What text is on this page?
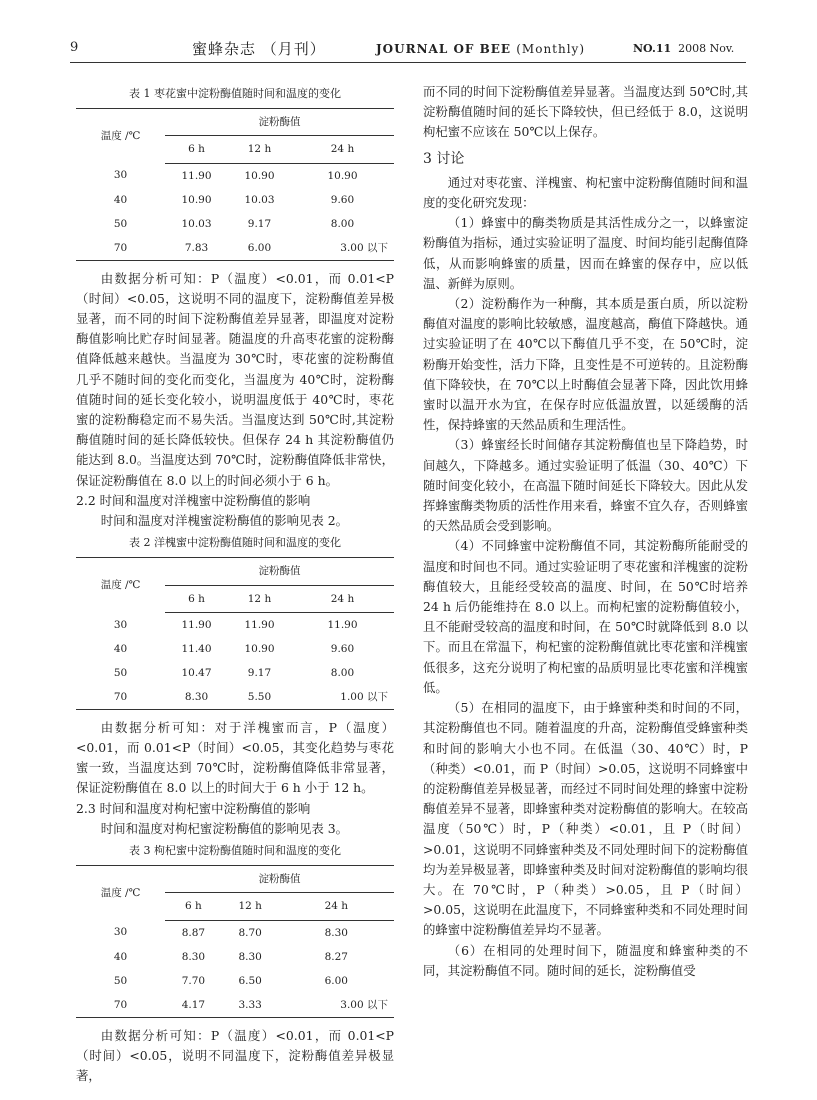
9	蜜蜂杂志 （月刊）	JOURNAL OF BEE (Monthly)	NO.11 2008 Nov.
表 1 枣花蜜中淀粉酶值随时间和温度的变化
温度 /℃	淀粉酶值		
	6 h	12 h	24 h
30	11.90	10.90	10.90
40	10.90	10.03	9.60
50	10.03	9.17	8.00
70	7.83	6.00	3.00 以下

由数据分析可知：P（温度）<0.01，而 0.01<P（时间）<0.05，这说明不同的温度下，淀粉酶值差异极显著，而不同的时间下淀粉酶值差异显著，即温度对淀粉酶值影响比贮存时间显著。随温度的升高枣花蜜的淀粉酶值降低越来越快。当温度为 30℃时，枣花蜜的淀粉酶值几乎不随时间的变化而变化，当温度为 40℃时，淀粉酶值随时间的延长变化较小，说明温度低于 40℃时，枣花蜜的淀粉酶稳定而不易失活。当温度达到 50℃时,其淀粉酶值随时间的延长降低较快。但保存 24 h 其淀粉酶值仍能达到 8.0。当温度达到 70℃时，淀粉酶值降低非常快，保证淀粉酶值在 8.0 以上的时间必须小于 6 h。

2.2 时间和温度对洋槐蜜中淀粉酶值的影响

时间和温度对洋槐蜜淀粉酶值的影响见表 2。

表 2 洋槐蜜中淀粉酶值随时间和温度的变化
温度 /℃	淀粉酶值		
	6 h	12 h	24 h
30	11.90	11.90	11.90
40	11.40	10.90	9.60
50	10.47	9.17	8.00
70	8.30	5.50	1.00 以下

由数据分析可知：对于洋槐蜜而言，P（温度）<0.01，而 0.01<P（时间）<0.05，其变化趋势与枣花蜜一致，当温度达到 70℃时，淀粉酶值降低非常显著，保证淀粉酶值在 8.0 以上的时间大于 6 h 小于 12 h。

2.3 时间和温度对枸杞蜜中淀粉酶值的影响

时间和温度对枸杞蜜淀粉酶值的影响见表 3。

表 3 枸杞蜜中淀粉酶值随时间和温度的变化
温度 /℃	淀粉酶值		
	6 h	12 h	24 h
30	8.87	8.70	8.30
40	8.30	8.30	8.27
50	7.70	6.50	6.00
70	4.17	3.33	3.00 以下

由数据分析可知：P（温度）<0.01，而 0.01<P（时间）<0.05，说明不同温度下，淀粉酶值差异极显著，

而不同的时间下淀粉酶值差异显著。当温度达到 50℃时,其淀粉酶值随时间的延长下降较快，但已经低于 8.0，这说明枸杞蜜不应该在 50℃以上保存。

3 讨论

通过对枣花蜜、洋槐蜜、枸杞蜜中淀粉酶值随时间和温度的变化研究发现：

（1）蜂蜜中的酶类物质是其活性成分之一，以蜂蜜淀粉酶值为指标，通过实验证明了温度、时间均能引起酶值降低，从而影响蜂蜜的质量，因而在蜂蜜的保存中，应以低温、新鲜为原则。

（2）淀粉酶作为一种酶，其本质是蛋白质，所以淀粉酶值对温度的影响比较敏感，温度越高，酶值下降越快。通过实验证明了在 40℃以下酶值几乎不变，在 50℃时，淀粉酶开始变性，活力下降，且变性是不可逆转的。且淀粉酶值下降较快，在 70℃以上时酶值会显著下降，因此饮用蜂蜜时以温开水为宜，在保存时应低温放置，以延缓酶的活性，保持蜂蜜的天然品质和生理活性。

（3）蜂蜜经长时间储存其淀粉酶值也呈下降趋势，时间越久，下降越多。通过实验证明了低温（30、40℃）下随时间变化较小，在高温下随时间延长下降较大。因此从发挥蜂蜜酶类物质的活性作用来看，蜂蜜不宜久存，否则蜂蜜的天然品质会受到影响。

（4）不同蜂蜜中淀粉酶值不同，其淀粉酶所能耐受的温度和时间也不同。通过实验证明了枣花蜜和洋槐蜜的淀粉酶值较大，且能经受较高的温度、时间，在 50℃时培养 24 h 后仍能维持在 8.0 以上。而枸杞蜜的淀粉酶值较小，且不能耐受较高的温度和时间，在 50℃时就降低到 8.0 以下。而且在常温下，枸杞蜜的淀粉酶值就比枣花蜜和洋槐蜜低很多，这充分说明了枸杞蜜的品质明显比枣花蜜和洋槐蜜低。

（5）在相同的温度下，由于蜂蜜种类和时间的不同，其淀粉酶值也不同。随着温度的升高，淀粉酶值受蜂蜜种类和时间的影响大小也不同。在低温（30、40℃）时，P（种类）<0.01，而 P（时间）>0.05，这说明不同蜂蜜中的淀粉酶值差异极显著，而经过不同时间处理的蜂蜜中淀粉酶值差异不显著，即蜂蜜种类对淀粉酶值的影响大。在较高温度（50℃）时，P（种类）<0.01，且 P（时间）>0.01，这说明不同蜂蜜种类及不同处理时间下的淀粉酶值均为差异极显著，即蜂蜜种类及时间对淀粉酶值的影响均很大。在 70℃时，P（种类）>0.05，且 P（时间）>0.05，这说明在此温度下，不同蜂蜜种类和不同处理时间的蜂蜜中淀粉酶值差异均不显著。

（6）在相同的处理时间下，随温度和蜂蜜种类的不同，其淀粉酶值不同。随时间的延长，淀粉酶值受
